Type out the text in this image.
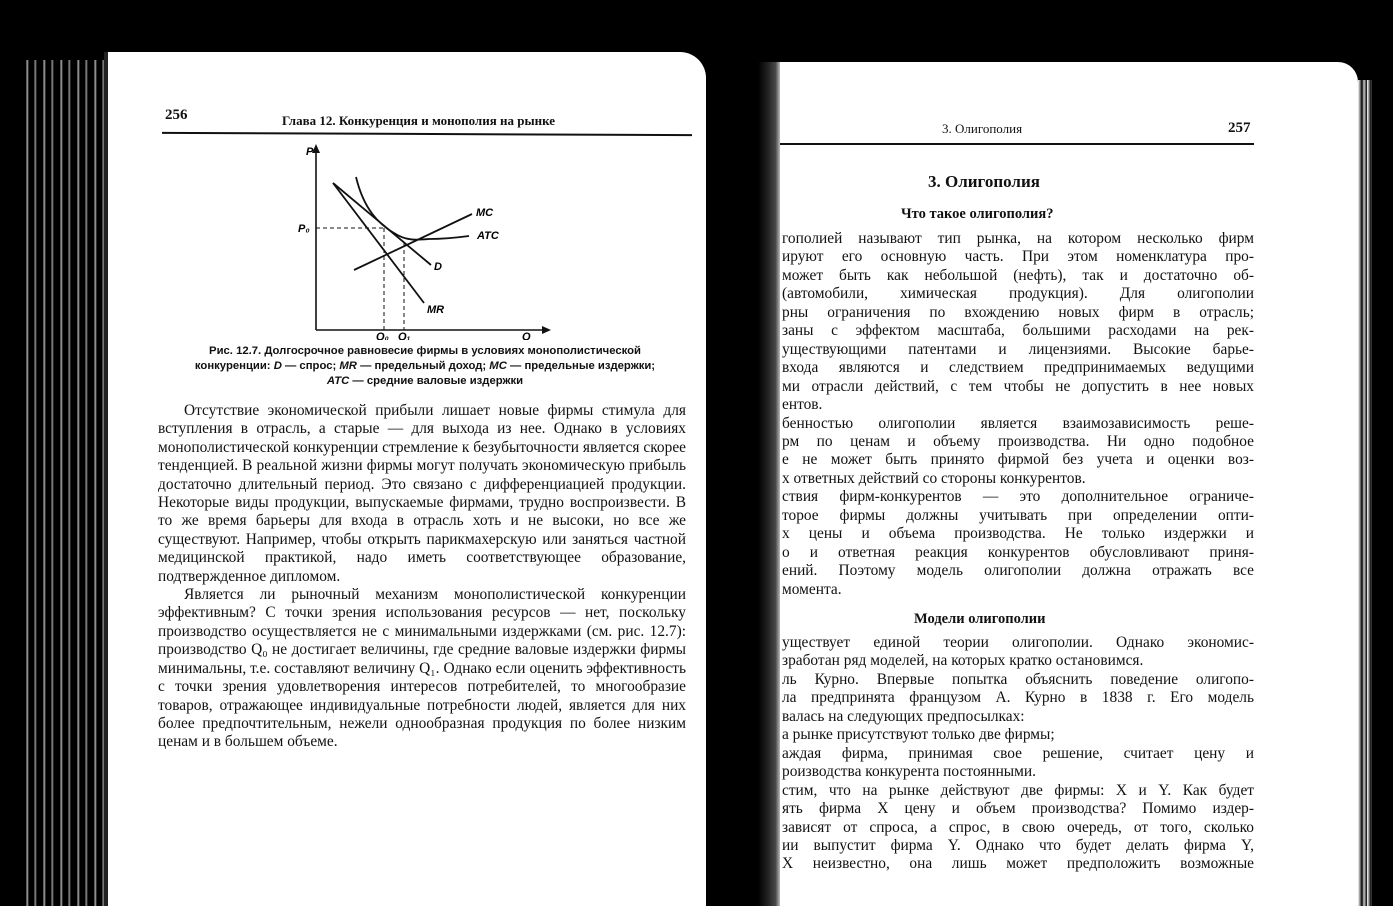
256	Глава 12. Конкуренция и монополия на рынке
P
Q
P₀
Q₀ Q₁
MC
ATC
D
MR
Рис. 12.7. Долгосрочное равновесие фирмы в условиях монополистической
конкуренции: D — спрос; MR — предельный доход; MC — предельные издержки;
ATC — средние валовые издержки

Отсутствие экономической прибыли лишает новые фирмы стимула для вступления в отрасль, а старые — для выхода из нее. Однако в условиях монополистической конкуренции стремление к безубыточности является скорее тенденцией. В реальной жизни фирмы могут получать экономическую прибыль достаточно длительный период. Это связано с дифференциацией продукции. Некоторые виды продукции, выпускаемые фирмами, трудно воспроизвести. В то же время барьеры для входа в отрасль хоть и не высоки, но все же существуют. Например, чтобы открыть парикмахерскую или заняться частной медицинской практикой, надо иметь соответствующее образование, подтвержденное дипломом.

Является ли рыночный механизм монополистической конкуренции эффективным? С точки зрения использования ресурсов — нет, поскольку производство осуществляется не с минимальными издержками (см. рис. 12.7): производство Q₀ не достигает величины, где средние валовые издержки фирмы минимальны, т.е. составляют величину Q₁. Однако если оценить эффективность с точки зрения удовлетворения интересов потребителей, то многообразие товаров, отражающее индивидуальные потребности людей, является для них более предпочтительным, нежели однообразная продукция по более низким ценам и в большем объеме.

3. Олигополия	257
3. Олигополия
Что такое олигополия?
гополией называют тип рынка, на котором несколько фирм
ируют его основную часть. При этом номенклатура про-
может быть как небольшой (нефть), так и достаточно об-
(автомобили, химическая продукция). Для олигополии
рны ограничения по вхождению новых фирм в отрасль;
заны с эффектом масштаба, большими расходами на рек-
уществующими патентами и лицензиями. Высокие барье-
входа являются и следствием предпринимаемых ведущими
ми отрасли действий, с тем чтобы не допустить в нее новых
ентов.
бенностью олигополии является взаимозависимость реше-
рм по ценам и объему производства. Ни одно подобное
е не может быть принято фирмой без учета и оценки воз-
х ответных действий со стороны конкурентов.
ствия фирм-конкурентов — это дополнительное ограниче-
торое фирмы должны учитывать при определении опти-
х цены и объема производства. Не только издержки и
о и ответная реакция конкурентов обусловливают приня-
ений. Поэтому модель олигополии должна отражать все
момента.
Модели олигополии
уществует единой теории олигополии. Однако экономис-
зработан ряд моделей, на которых кратко остановимся.
ль Курно. Впервые попытка объяснить поведение олигопо-
ла предпринята французом А. Курно в 1838 г. Его модель
валась на следующих предпосылках:
а рынке присутствуют только две фирмы;
аждая фирма, принимая свое решение, считает цену и
роизводства конкурента постоянными.
стим, что на рынке действуют две фирмы: X и Y. Как будет
ять фирма X цену и объем производства? Помимо издер-
зависят от спроса, а спрос, в свою очередь, от того, сколько
ии выпустит фирма Y. Однако что будет делать фирма Y,
X неизвестно, она лишь может предположить возможные
